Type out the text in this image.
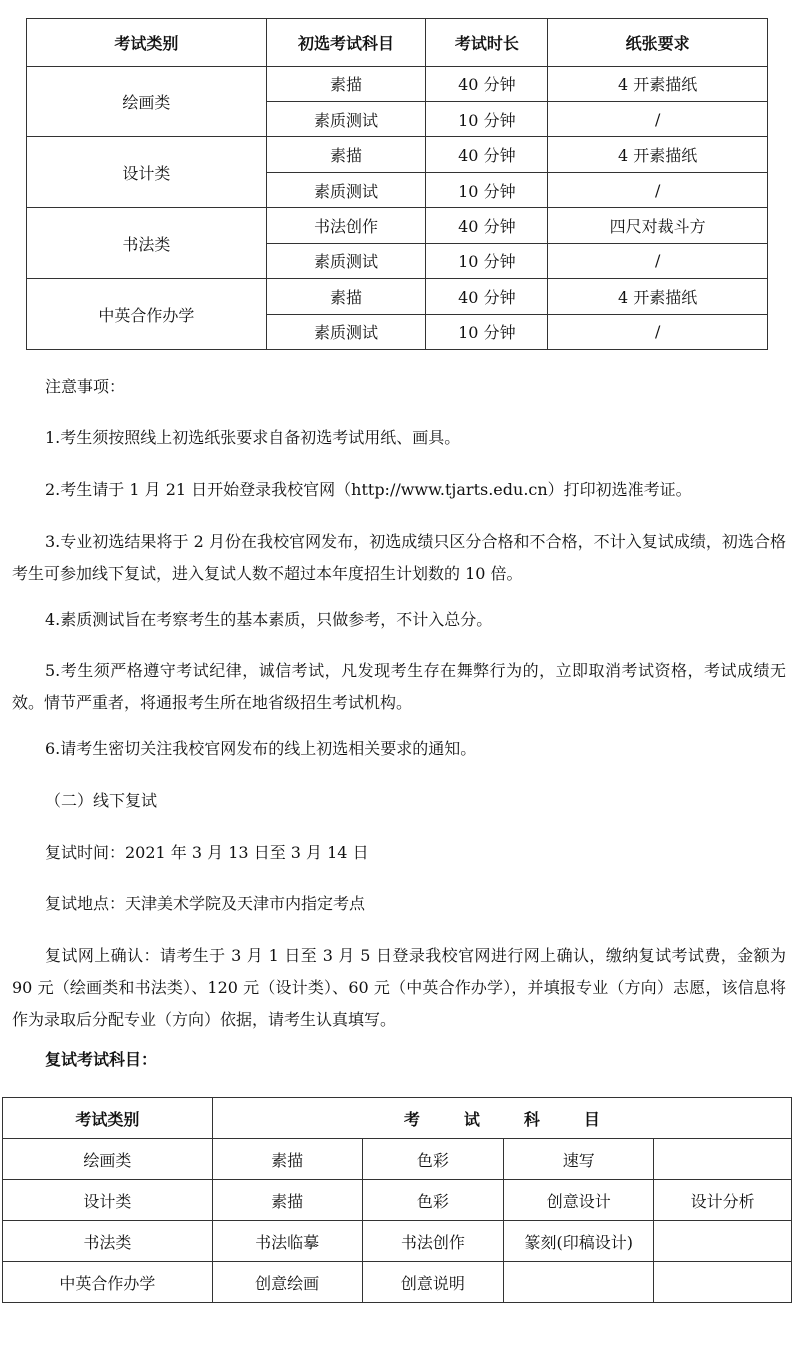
考试类别	初选考试科目	考试时长	纸张要求
绘画类	素描	40 分钟	4 开素描纸
	素质测试	10 分钟	/
设计类	素描	40 分钟	4 开素描纸
	素质测试	10 分钟	/
书法类	书法创作	40 分钟	四尺对裁斗方
	素质测试	10 分钟	/
中英合作办学	素描	40 分钟	4 开素描纸
	素质测试	10 分钟	/

注意事项：

1.考生须按照线上初选纸张要求自备初选考试用纸、画具。

2.考生请于 1 月 21 日开始登录我校官网（http://www.tjarts.edu.cn）打印初选准考证。

3.专业初选结果将于 2 月份在我校官网发布，初选成绩只区分合格和不合格，不计入复试成绩，初选合格考生可参加线下复试，进入复试人数不超过本年度招生计划数的 10 倍。

4.素质测试旨在考察考生的基本素质，只做参考，不计入总分。

5.考生须严格遵守考试纪律，诚信考试，凡发现考生存在舞弊行为的，立即取消考试资格，考试成绩无效。情节严重者，将通报考生所在地省级招生考试机构。

6.请考生密切关注我校官网发布的线上初选相关要求的通知。

（二）线下复试

复试时间：2021 年 3 月 13 日至 3 月 14 日

复试地点：天津美术学院及天津市内指定考点

复试网上确认：请考生于 3 月 1 日至 3 月 5 日登录我校官网进行网上确认，缴纳复试考试费，金额为 90 元（绘画类和书法类）、120 元（设计类）、60 元（中英合作办学），并填报专业（方向）志愿，该信息将作为录取后分配专业（方向）依据，请考生认真填写。

复试考试科目：

考试类别	考试科目			
绘画类	素描	色彩	速写	
设计类	素描	色彩	创意设计	设计分析
书法类	书法临摹	书法创作	篆刻(印稿设计)	
中英合作办学	创意绘画	创意说明		
